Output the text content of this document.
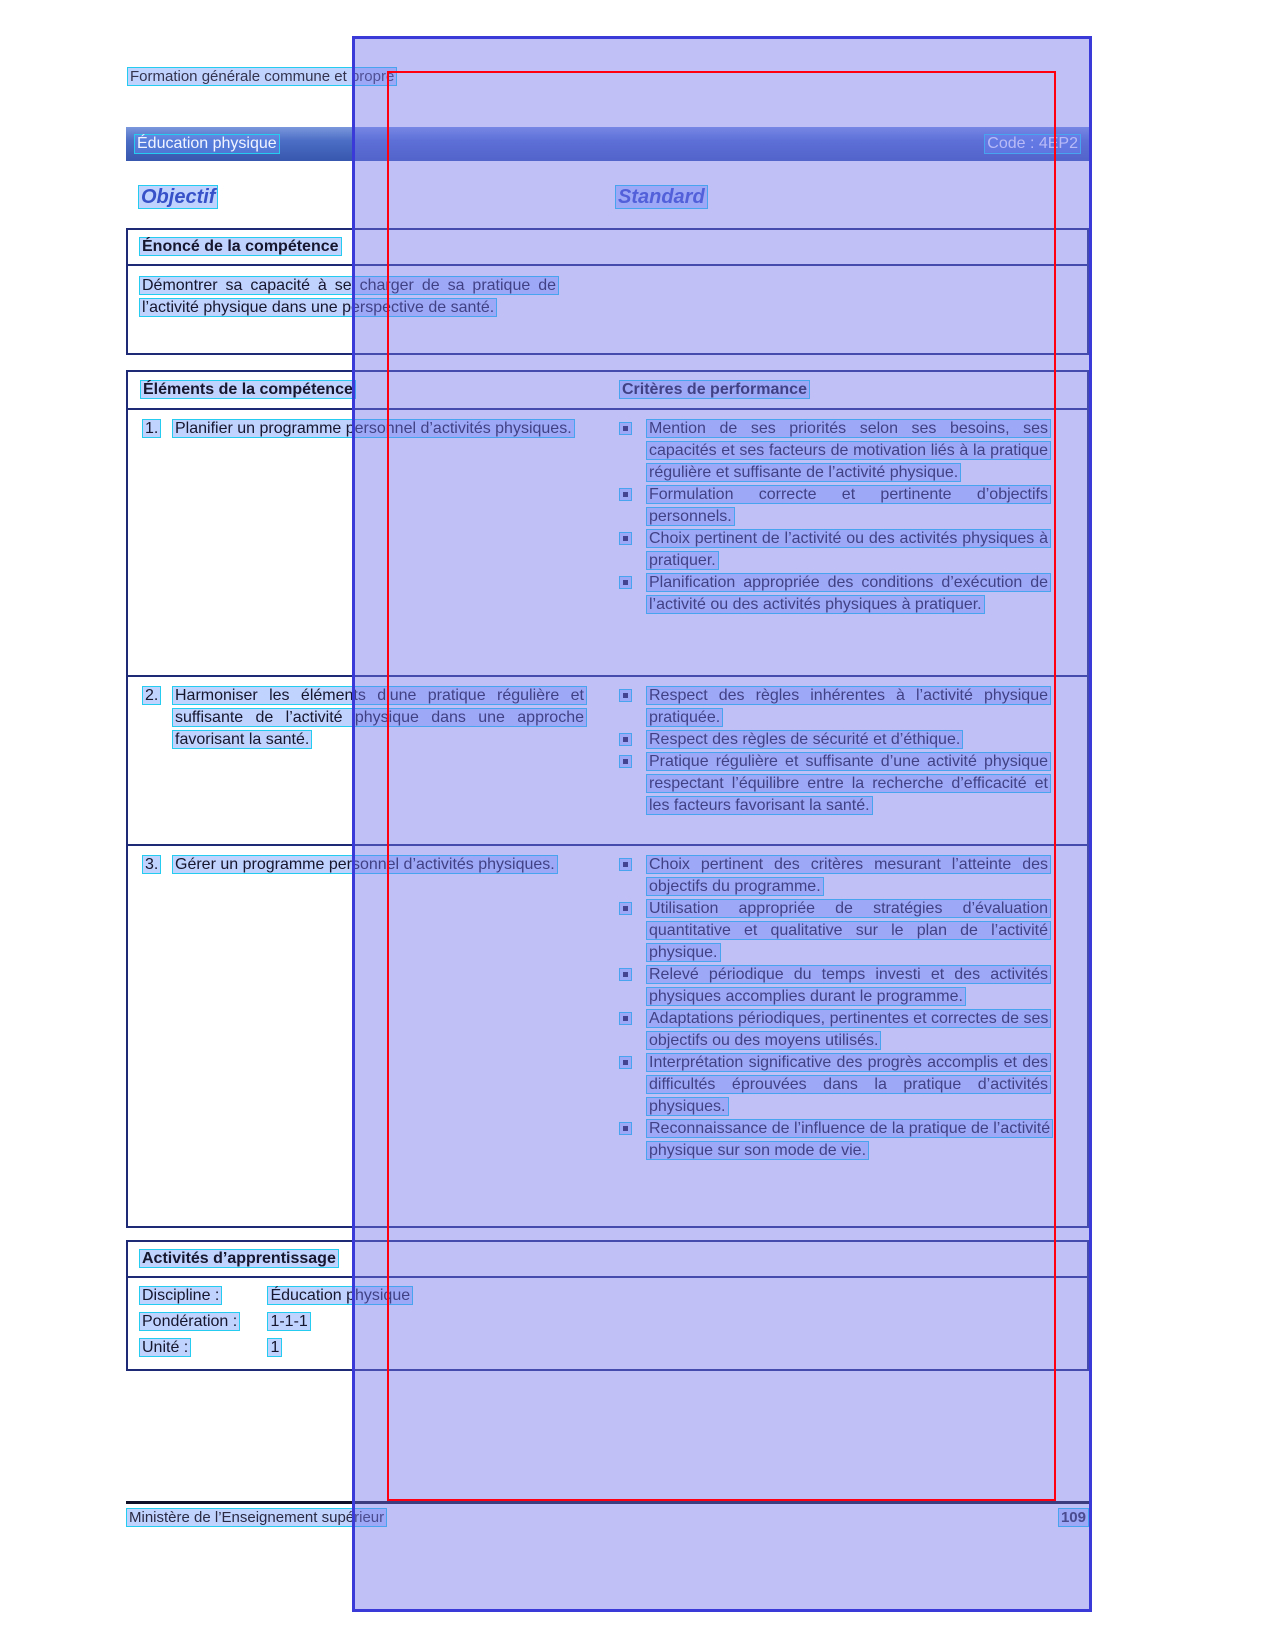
Formation générale commune et propre
Éducation physique	Code : 4EP2
Objectif	Standard
Énoncé de la compétence

Démontrer sa capacité à se charger de sa pratique de l’activité physique dans une perspective de santé.

Éléments de la compétence	Critères de performance
1.	Planifier un programme personnel d’activités physiques.	Mention de ses priorités selon ses besoins, ses capacités et ses facteurs de motivation liés à la pratique régulière et suffisante de l’activité physique.
Formulation correcte et pertinente d’objectifs personnels.
Choix pertinent de l’activité ou des activités physiques à pratiquer.
Planification appropriée des conditions d’exécution de l’activité ou des activités physiques à pratiquer.
2.	Harmoniser les éléments d’une pratique régulière et suffisante de l’activité physique dans une approche favorisant la santé.
Respect des règles inhérentes à l’activité physique pratiquée.
Respect des règles de sécurité et d’éthique.
Pratique régulière et suffisante d’une activité physique respectant l’équilibre entre la recherche d’efficacité et les facteurs favorisant la santé.
3.	Gérer un programme personnel d’activités physiques.	Choix pertinent des critères mesurant l’atteinte des objectifs du programme.
Utilisation appropriée de stratégies d’évaluation quantitative et qualitative sur le plan de l’activité physique.
Relevé périodique du temps investi et des activités physiques accomplies durant le programme.
Adaptations périodiques, pertinentes et correctes de ses objectifs ou des moyens utilisés.
Interprétation significative des progrès accomplis et des difficultés éprouvées dans la pratique d’activités physiques.
Reconnaissance de l’influence de la pratique de l’activité physique sur son mode de vie.
Activités d’apprentissage
Discipline :	Éducation physique
Pondération : 1-1-1
Unité :	1
Ministère de l’Enseignement supérieur	109
